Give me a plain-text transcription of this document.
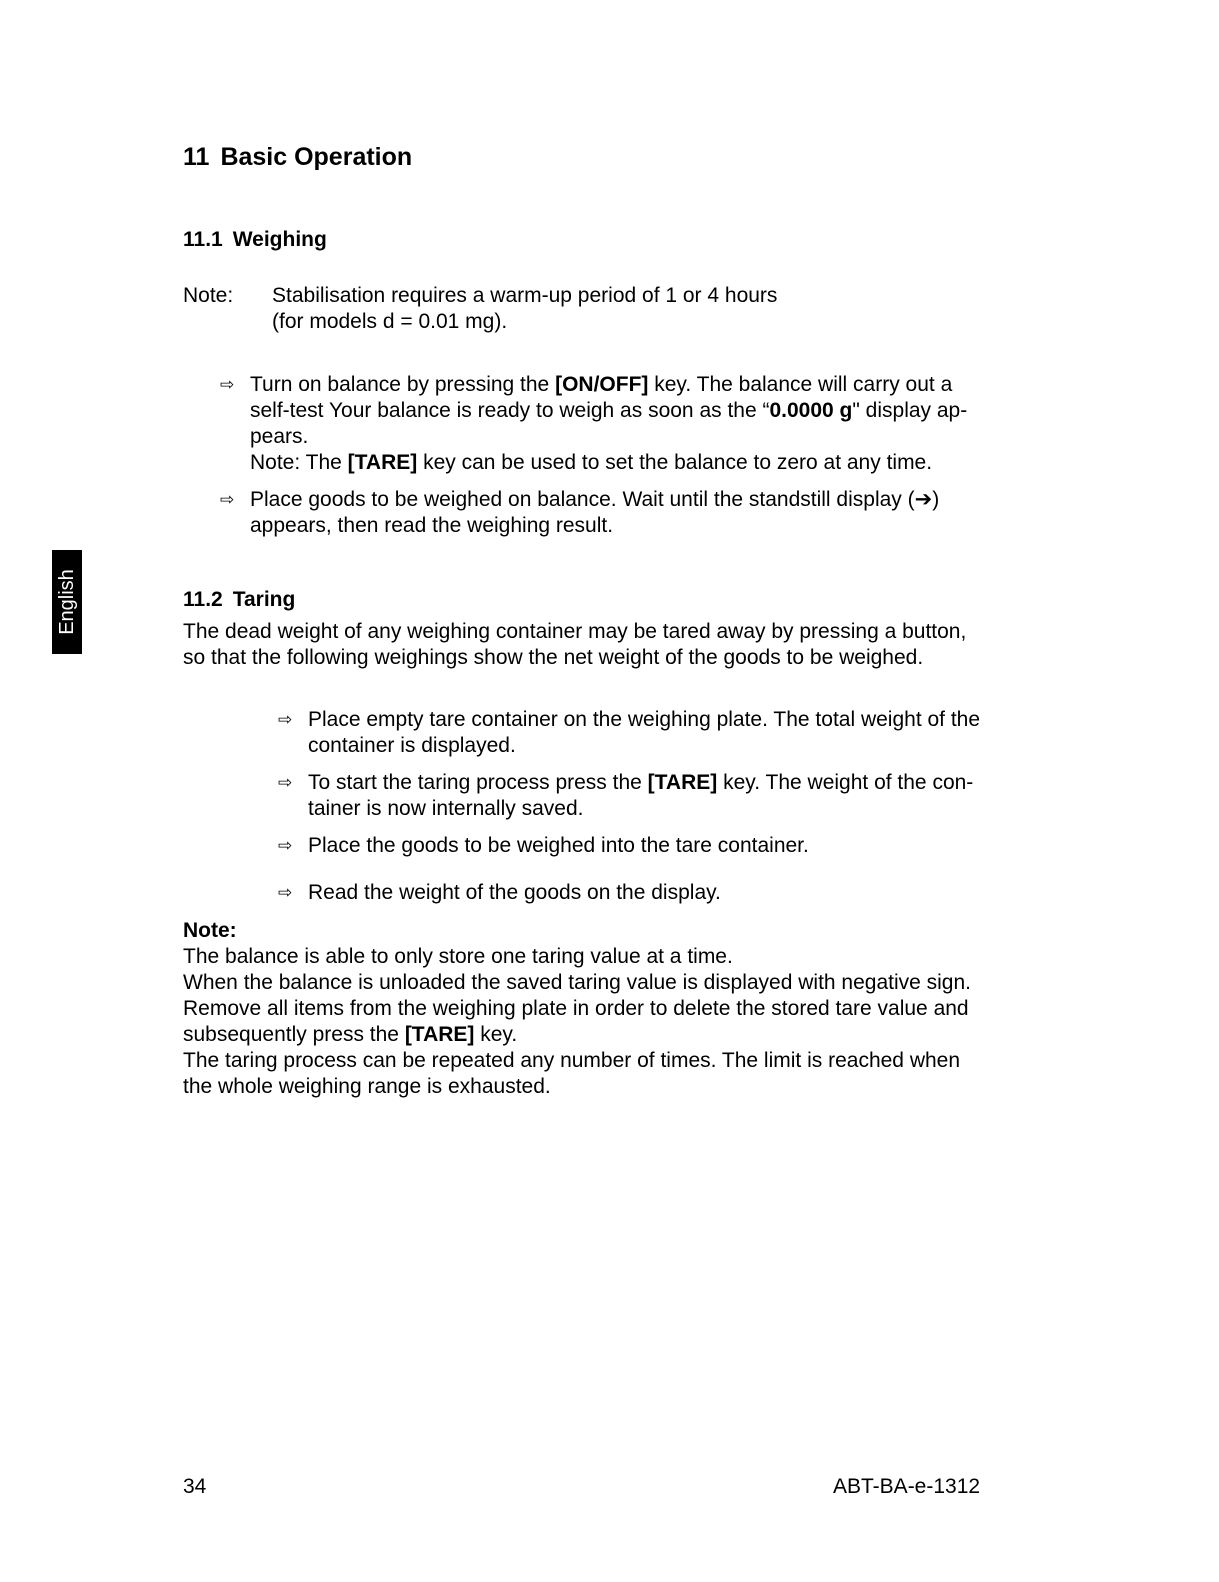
11 Basic Operation
11.1 Weighing
Note: Stabilisation requires a warm-up period of 1 or 4 hours
(for models d = 0.01 mg).
⇨ Turn on balance by pressing the [ON/OFF] key. The balance will carry out a
self-test Your balance is ready to weigh as soon as the “0.0000 g" display ap-
pears.
Note: The [TARE] key can be used to set the balance to zero at any time.
⇨ Place goods to be weighed on balance. Wait until the standstill display (➔)
appears, then read the weighing result.
English	11.2 Taring
The dead weight of any weighing container may be tared away by pressing a button,
so that the following weighings show the net weight of the goods to be weighed.
⇨ Place empty tare container on the weighing plate. The total weight of the
container is displayed.
⇨ To start the taring process press the [TARE] key. The weight of the con-
tainer is now internally saved.
⇨ Place the goods to be weighed into the tare container.
⇨ Read the weight of the goods on the display.
Note:
The balance is able to only store one taring value at a time.
When the balance is unloaded the saved taring value is displayed with negative sign.
Remove all items from the weighing plate in order to delete the stored tare value and
subsequently press the [TARE] key.
The taring process can be repeated any number of times. The limit is reached when
the whole weighing range is exhausted.
34	ABT-BA-e-1312
